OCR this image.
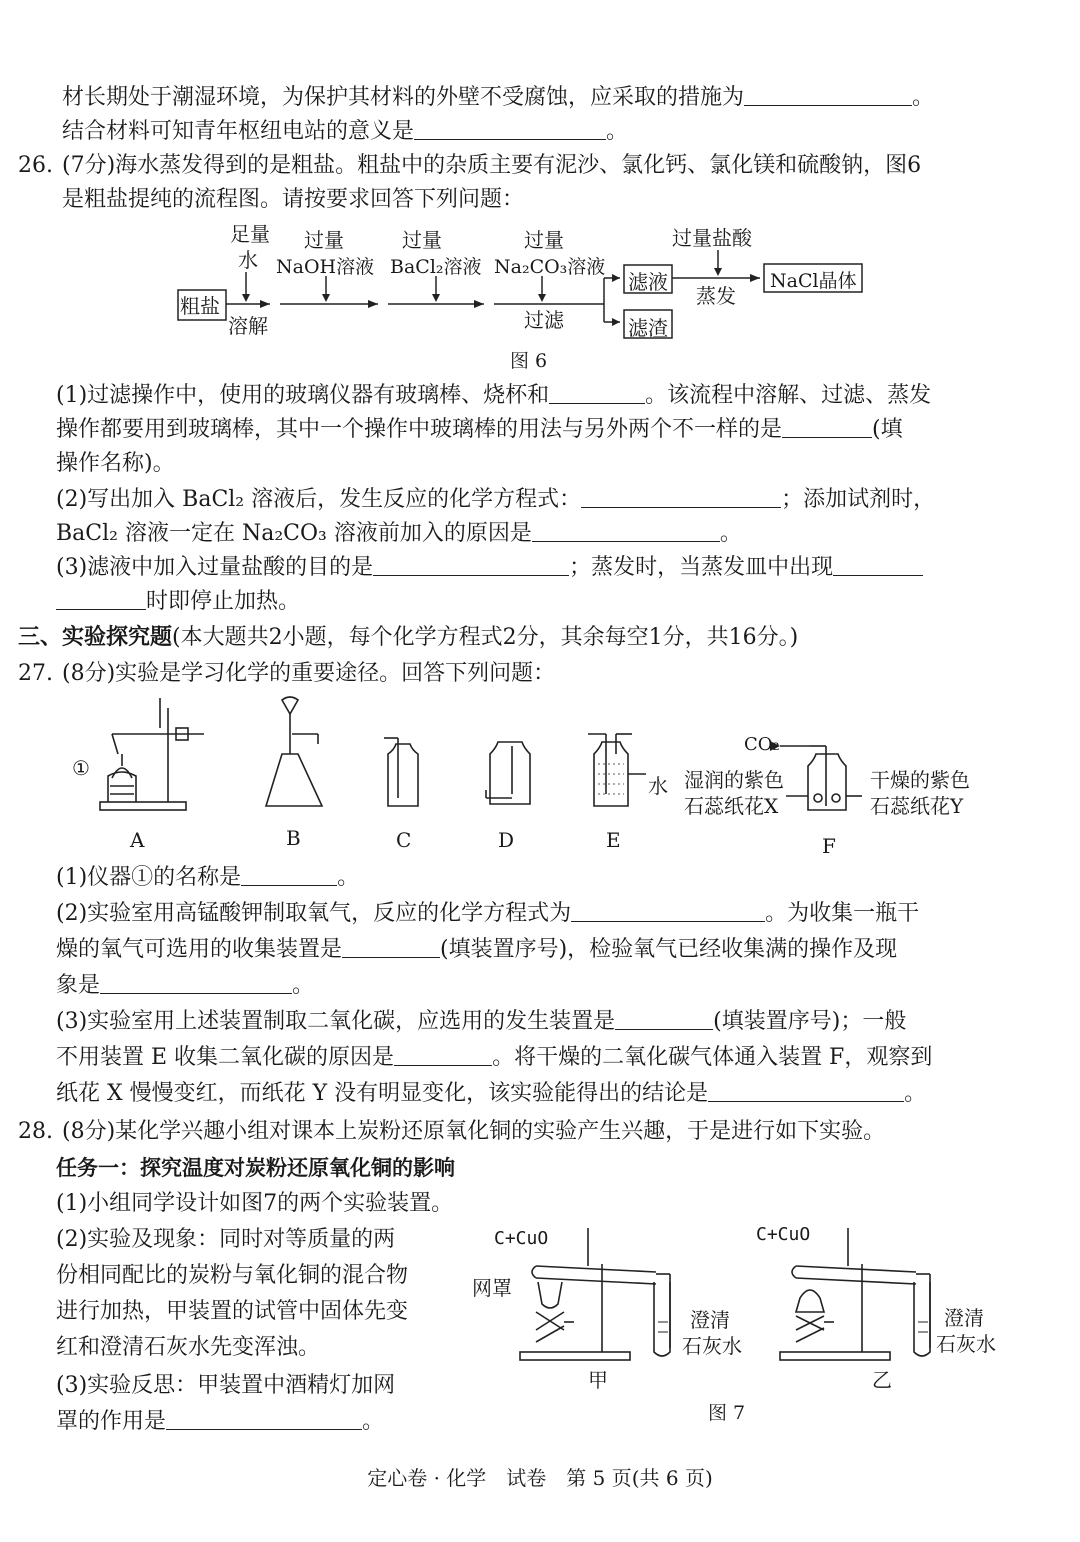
材长期处于潮湿环境，为保护其材料的外壁不受腐蚀，应采取的措施为	。
结合材料可知青年枢纽电站的意义是	。
26. (7分)海水蒸发得到的是粗盐。粗盐中的杂质主要有泥沙、氯化钙、氯化镁和硫酸钠，图6
是粗盐提纯的流程图。请按要求回答下列问题：
粗盐
足量
水
溶解
过量
NaOH溶液
过量
BaCl₂溶液
过量
Na₂CO₃溶液
过滤
滤液
滤渣
过量盐酸
蒸发
NaCl晶体
图 6
(1)过滤操作中，使用的玻璃仪器有玻璃棒、烧杯和	。该流程中溶解、过滤、蒸发
操作都要用到玻璃棒，其中一个操作中玻璃棒的用法与另外两个不一样的是	(填
操作名称)。
(2)写出加入 BaCl₂ 溶液后，发生反应的化学方程式：	；添加试剂时，
BaCl₂ 溶液一定在 Na₂CO₃ 溶液前加入的原因是	。
(3)滤液中加入过量盐酸的目的是	；蒸发时，当蒸发皿中出现
时即停止加热。
三、实验探究题(本大题共2小题，每个化学方程式2分，其余每空1分，共16分。)
27. (8分)实验是学习化学的重要途径。回答下列问题：
①
水
CO₂
湿润的紫色
石蕊纸花X
干燥的紫色
石蕊纸花Y
A	B	C	D	E	F
(1)仪器①的名称是	。
(2)实验室用高锰酸钾制取氧气，反应的化学方程式为	。为收集一瓶干
燥的氧气可选用的收集装置是	(填装置序号)，检验氧气已经收集满的操作及现
象是	。
(3)实验室用上述装置制取二氧化碳，应选用的发生装置是	(填装置序号)；一般
不用装置 E 收集二氧化碳的原因是	。将干燥的二氧化碳气体通入装置 F，观察到
纸花 X 慢慢变红，而纸花 Y 没有明显变化，该实验能得出的结论是	。
28. (8分)某化学兴趣小组对课本上炭粉还原氧化铜的实验产生兴趣，于是进行如下实验。
任务一：探究温度对炭粉还原氧化铜的影响
(1)小组同学设计如图7的两个实验装置。
(2)实验及现象：同时对等质量的两
份相同配比的炭粉与氧化铜的混合物
进行加热，甲装置的试管中固体先变
红和澄清石灰水先变浑浊。
(3)实验反思：甲装置中酒精灯加网
罩的作用是	。
C+CuO	C+CuO
网罩
澄清
石灰水
澄清
石灰水
甲	乙
图 7
定心卷 · 化学　试卷　第 5 页(共 6 页)
